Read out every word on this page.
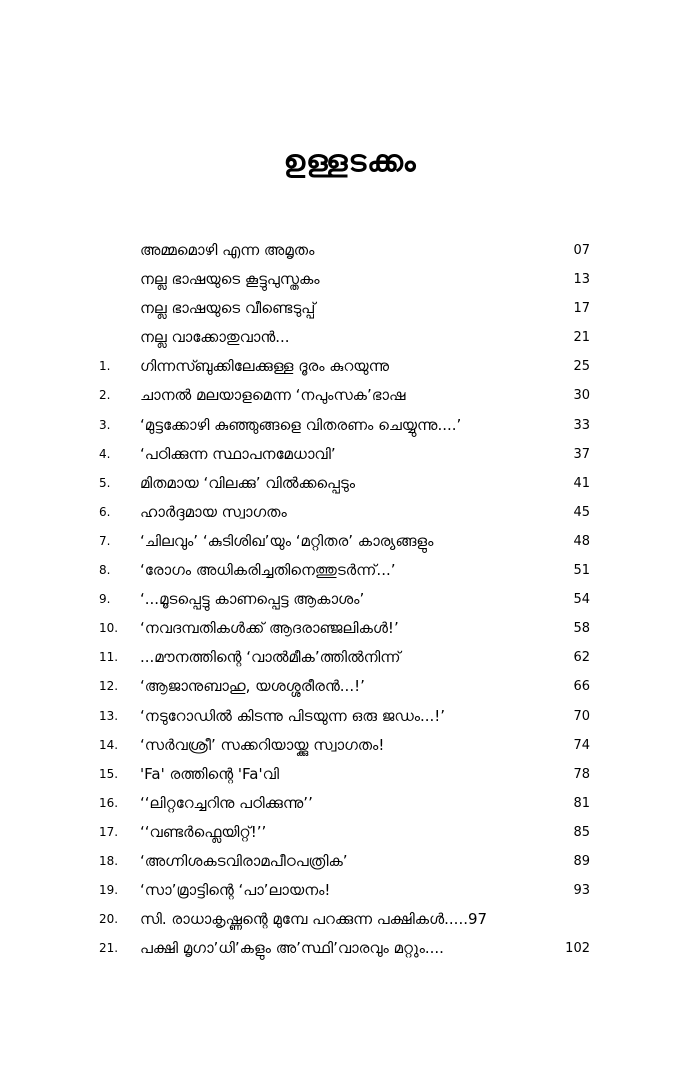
ഉള്ളടക്കം
അമ്മമൊഴി എന്ന അമൃതം	07
നല്ല ഭാഷയുടെ കൂട്ടുപുസ്തകം	13
നല്ല ഭാഷയുടെ വീണ്ടെടുപ്പ്	17
നല്ല വാക്കോതുവാൻ...	21
1.	ഗിന്നസ്ബുക്കിലേക്കുള്ള ദൂരം കുറയുന്നു	25
2.	ചാനൽ മലയാളമെന്ന ‘നപുംസക’ഭാഷ	30
3.	‘മുട്ടക്കോഴി കുഞ്ഞുങ്ങളെ വിതരണം ചെയ്യുന്നു....’	33
4.	‘പഠിക്കുന്ന സ്ഥാപനമേധാവി’	37
5.	മിതമായ ‘വിലക്കു’ വിൽക്കപ്പെടും	41
6.	ഹാർദ്ദമായ സ്വാഗതം	45
7.	‘ചിലവും’ ‘കുടിശിഖ’യും ‘മറ്റിതര’ കാര്യങ്ങളും	48
8.	‘രോഗം അധികരിച്ചതിനെത്തുടർന്ന്...’	51
9.	‘...മൂടപ്പെട്ടു കാണപ്പെട്ട ആകാശം’	54
10.	‘നവദമ്പതികൾക്ക് ആദരാഞ്ജലികൾ!’	58
11.	...മൗനത്തിന്റെ ‘വാൽമീക’ത്തിൽനിന്ന്	62
12.	‘ആജാനുബാഹു, യശശ്ശരീരൻ...!’	66
13.	‘നടുറോഡിൽ കിടന്നു പിടയുന്ന ഒരു ജഡം...!’	70
14.	‘സർവശ്രീ’ സക്കറിയായ്ക്കു സ്വാഗതം!	74
15.	'Fa' രത്തിന്റെ 'Fa'വി	78
16.	‘‘ലിറ്ററേച്ചറിനു പഠിക്കുന്നു’’	81
17.	‘‘വണ്ടർഫ്ലെയിറ്റ്!’’	85
18.	‘അഗ്നിശകടവിരാമപീഠപത്രിക’	89
19.	‘സാ’മ്രാട്ടിന്റെ ‘പാ’ലായനം!	93
20.	സി. രാധാകൃഷ്ണന്റെ മുമ്പേ പറക്കുന്ന പക്ഷികൾ.....97
21.	പക്ഷി മൃഗാ’ധി’കളും അ’സ്ഥി’വാരവും മറ്റും....	102
